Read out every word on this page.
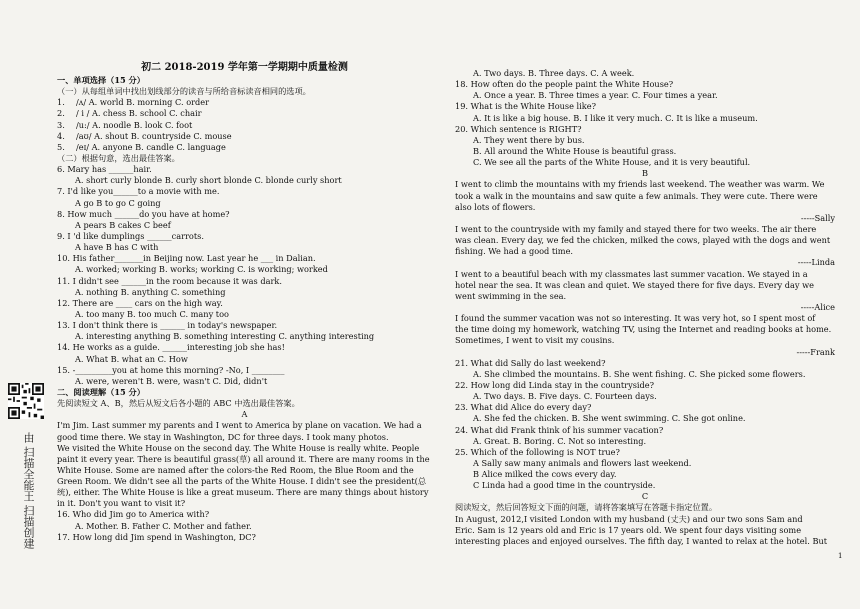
初二 2018-2019 学年第一学期期中质量检测
一、单项选择（15 分）
（一）从每组单词中找出划线部分的读音与所给音标读音相同的选项。
1. /ʌ/ A. world B. morning C. order
2. / i / A. chess B. school C. chair
3. /u:/ A. noodle B. look C. foot
4. /aʊ/ A. shout B. countryside C. mouse
5. /eɪ/ A. anyone B. candle C. language
（二）根据句意，选出最佳答案。
6. Mary has ______hair.
A. short curly blonde B. curly short blonde C. blonde curly short
7. I'd like you______to a movie with me.
A go B to go C going
8. How much ______do you have at home?
A pears B cakes C beef
9. I 'd like dumplings ______carrots.
A have B has C with
10. His father_______in Beijing now. Last year he ___ in Dalian.
A. worked; working B. works; working C. is working; worked
11. I didn't see ______in the room because it was dark.
A. nothing B. anything C. something
12. There are ____ cars on the high way.
A. too many B. too much C. many too
13. I don't think there is ______ in today's newspaper.
A. interesting anything B. something interesting C. anything interesting
14. He works as a guide. ______interesting job she has!
A. What B. what an C. How
15. -_________you at home this morning? -No, I ________
A. were, weren't B. were, wasn't C. Did, didn't
二、阅读理解（15 分）
先阅读短文 A、B，然后从短文后各小题的 ABC 中选出最佳答案。
A
I'm Jim. Last summer my parents and I went to America by plane on vacation. We had a
good time there. We stay in Washington, DC for three days. I took many photos.
We visited the White House on the second day. The White House is really white. People
paint it every year. There is beautiful grass(草) all around it. There are many rooms in the
White House. Some are named after the colors-the Red Room, the Blue Room and the
Green Room. We didn't see all the parts of the White House. I didn't see the president(总
统), either. The White House is like a great museum. There are many things about history
in it. Don't you want to visit it?
16. Who did Jim go to America with?
A. Mother. B. Father C. Mother and father.
17. How long did Jim spend in Washington, DC?
A. Two days. B. Three days. C. A week.
18. How often do the people paint the White House?
A. Once a year. B. Three times a year. C. Four times a year.
19. What is the White House like?
A. It is like a big house. B. I like it very much. C. It is like a museum.
20. Which sentence is RIGHT?
A. They went there by bus.
B. All around the White House is beautiful grass.
C. We see all the parts of the White House, and it is very beautiful.
B
I went to climb the mountains with my friends last weekend. The weather was warm. We
took a walk in the mountains and saw quite a few animals. They were cute. There were
also lots of flowers.
-----Sally
I went to the countryside with my family and stayed there for two weeks. The air there
was clean. Every day, we fed the chicken, milked the cows, played with the dogs and went
fishing. We had a good time.
-----Linda
I went to a beautiful beach with my classmates last summer vacation. We stayed in a
hotel near the sea. It was clean and quiet. We stayed there for five days. Every day we
went swimming in the sea.
-----Alice
I found the summer vacation was not so interesting. It was very hot, so I spent most of
the time doing my homework, watching TV, using the Internet and reading books at home.
Sometimes, I went to visit my cousins.
-----Frank
21. What did Sally do last weekend?
A. She climbed the mountains. B. She went fishing. C. She picked some flowers.
22. How long did Linda stay in the countryside?
A. Two days. B. Five days. C. Fourteen days.
23. What did Alice do every day?
A. She fed the chicken. B. She went swimming. C. She got online.
24. What did Frank think of his summer vacation?
A. Great. B. Boring. C. Not so interesting.
25. Which of the following is NOT true?
A Sally saw many animals and flowers last weekend.
B Alice milked the cows every day.
C Linda had a good time in the countryside.
C
阅读短文，然后回答短文下面的问题，请将答案填写在答题卡指定位置。
In August, 2012,I visited London with my husband (丈夫) and our two sons Sam and
Eric. Sam is 12 years old and Eric is 17 years old. We spent four days visiting some
interesting places and enjoyed ourselves. The fifth day, I wanted to relax at the hotel. But
由 扫描全能王 扫描创建
1
